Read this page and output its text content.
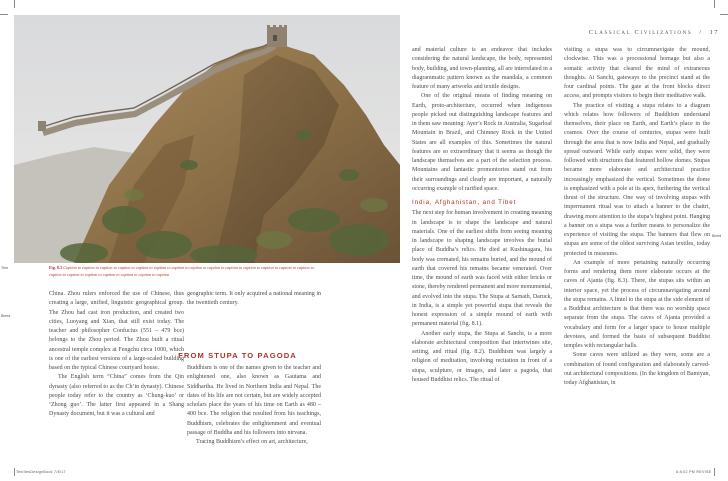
Classical Civilizations / 17
Fig. 8.3 Caption to caption to caption to caption to caption to caption to caption to caption to caption to caption to caption to caption to caption to caption to caption to caption to caption to caption to caption to caption to caption

China. Zhou rulers enforced the use of Chinese, thus creating a large, unified, linguistic geographical group. The Zhou had cast iron production, and created two cities, Luoyang and Xian, that still exist today. The teacher and philosopher Confucius (551 – 479 bce) belongs to the Zhou period. The Zhou built a ritual ancestral temple complex at Fengchu circa 1000, which is one of the earliest versions of a large-scaled building based on the typical Chinese courtyard house.

The English term “China” comes from the Qin dynasty (also referred to as the Ch’in dynasty). Chinese people today refer to the country as ‘Chung-kuo’ or ‘Zhong guo’. The latter first appeared in a Shang Dynasty document, but it was a cultural and

geographic term. It only acquired a national meaning in the twentieth century.

FROM STUPA TO PAGODA

Buddhism is one of the names given to the teacher and enlightened one, also known as Gautama and Siddhartha. He lived in Northern India and Nepal. The dates of his life are not certain, but are widely accepted scholars place the years of his time on Earth as 480 – 400 bce. The religion that resulted from his teachings, Buddhism, celebrates the enlightenment and eventual passage of Buddha and his followers into nirvana.

Tracing Buddhism’s effect on art, architecture,

and material culture is an endeavor that includes considering the natural landscape, the body, represented body, building, and town-planning, all are interrelated in a diagrammatic pattern known as the mandala, a common feature of many artworks and textile designs.

One of the original means of finding meaning on Earth, proto-architecture, occurred when indigenous people picked out distinguishing landscape features and in them saw meaning: Ayer’s Rock in Australia, Sugarloaf Mountain in Brazil, and Chimney Rock in the United States are all examples of this. Sometimes the natural features are so extraordinary that it seems as though the landscape themselves are a part of the selection process. Mountains and fantastic promontories stand out from their surroundings and clearly are important, a naturally occurring example of rarified space.

India, Afghanistan, and Tibet

The next step for human involvement in creating meaning in landscape is to shape the landscape and natural materials. One of the earliest shifts from seeing meaning in landscape to shaping landscape involves the burial place of Buddha’s relics. He died at Kushinagara, his body was cremated, his remains buried, and the mound of earth that covered his remains became venerated. Over time, the mound of earth was faced with either bricks or stone, thereby rendered permanent and more monumental, and evolved into the stupa. The Stupa at Sarnath, Daruck, in India, is a simple yet powerful stupa that reveals the honest expression of a simple mound of earth with permanent material (fig. 8.1).

Another early stupa, the Stupa at Sanchi, is a more elaborate architectural composition that intertwines site, setting, and ritual (fig. 8.2). Buddhism was largely a religion of meditation, involving recitation in front of a stupa, sculpture, or images, and later a pagoda, that housed Buddhist relics. The ritual of

visiting a stupa was to circumnavigate the mound, clockwise. This was a processional homage but also a somatic activity that cleared the mind of extraneous thoughts. At Sanchi, gateways to the precinct stand at the four cardinal points. The gate at the front blocks direct access, and prompts visitors to begin their meditative walk.

The practice of visiting a stupa relates to a diagram which relates how followers of Buddhism understand themselves, their place on Earth, and Earth’s place in the cosmos. Over the course of centuries, stupas were built through the area that is now India and Nepal, and gradually spread outward. While early stupas were solid, they were followed with structures that featured hollow domes. Stupas became more elaborate and architectural practice increasingly emphasized the vertical. Sometimes the dome is emphasized with a pole at its apex, furthering the vertical thrust of the structure. One way of involving stupas with impermanent ritual was to attach a banner to the chattri, drawing more attention to the stupa’s highest point. Hanging a banner on a stupa was a further means to personalize the experience of visiting the stupa. The banners that flew on stupas are some of the oldest surviving Asian textiles, today protected in museums.

An example of more pertaining naturally occurring forms and rendering them more elaborate occurs at the caves of Ajanta (fig. 8.3). There, the stupas sits within an interior space, yet the process of circumnavigating around the stupa remains. A lintel to the stupa at the side element of a Buddhist architecture is that there was no worship space separate from the stupa. The caves of Ajanta provided a vocabulary and form for a larger space to house multiple devotees, and formed the basis of subsequent Buddhist temples with rectangular halls.

Some caves were utilized as they were, some are a combination of found configuration and elaborately carved-out architectural compositions. (In the kingdom of Bamiyan, today Afghanistan, in

Trim
Bleed
Bleed
TextilesDesignBook 7/8/17	6:8:02 PM REVISE
